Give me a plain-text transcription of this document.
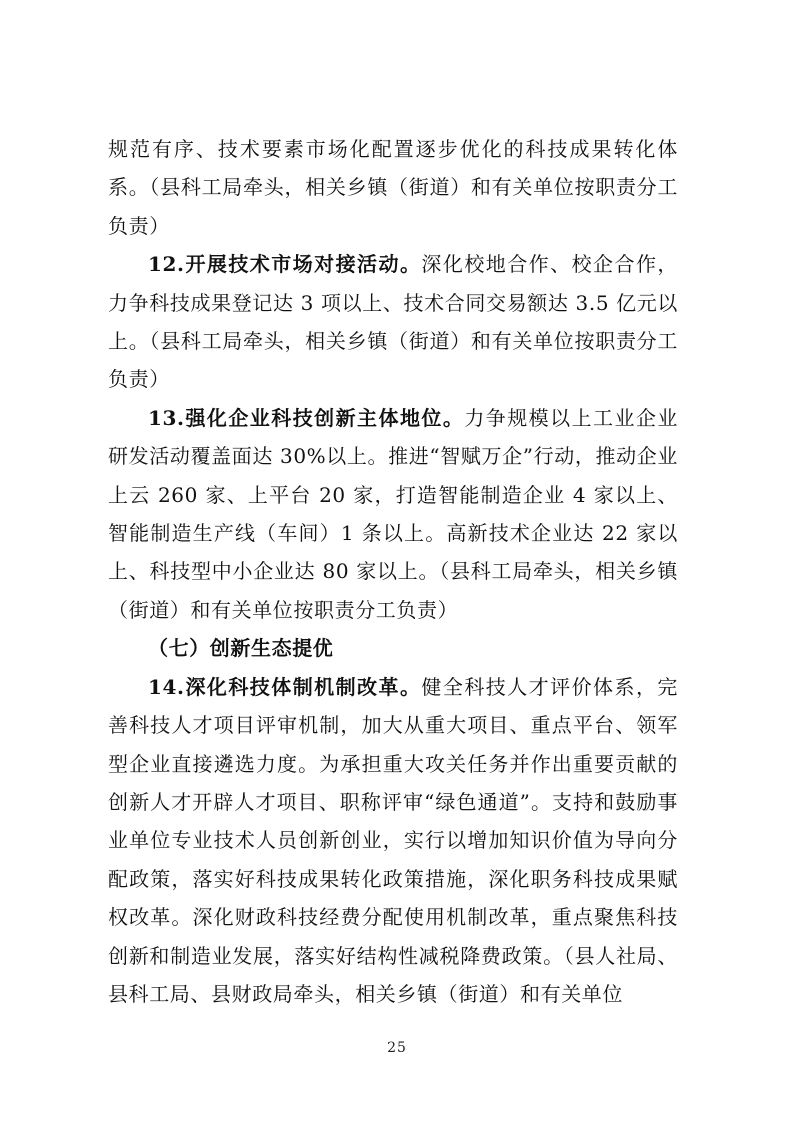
规范有序、技术要素市场化配置逐步优化的科技成果转化体系。（县科工局牵头，相关乡镇（街道）和有关单位按职责分工负责）

12.开展技术市场对接活动。深化校地合作、校企合作，力争科技成果登记达 3 项以上、技术合同交易额达 3.5 亿元以上。（县科工局牵头，相关乡镇（街道）和有关单位按职责分工负责）

13.强化企业科技创新主体地位。力争规模以上工业企业研发活动覆盖面达 30%以上。推进“智赋万企”行动，推动企业上云 260 家、上平台 20 家，打造智能制造企业 4 家以上、智能制造生产线（车间）1 条以上。高新技术企业达 22 家以上、科技型中小企业达 80 家以上。（县科工局牵头，相关乡镇（街道）和有关单位按职责分工负责）

（七）创新生态提优

14.深化科技体制机制改革。健全科技人才评价体系，完善科技人才项目评审机制，加大从重大项目、重点平台、领军型企业直接遴选力度。为承担重大攻关任务并作出重要贡献的创新人才开辟人才项目、职称评审“绿色通道”。支持和鼓励事业单位专业技术人员创新创业，实行以增加知识价值为导向分配政策，落实好科技成果转化政策措施，深化职务科技成果赋权改革。深化财政科技经费分配使用机制改革，重点聚焦科技创新和制造业发展，落实好结构性减税降费政策。（县人社局、县科工局、县财政局牵头，相关乡镇（街道）和有关单位

25
